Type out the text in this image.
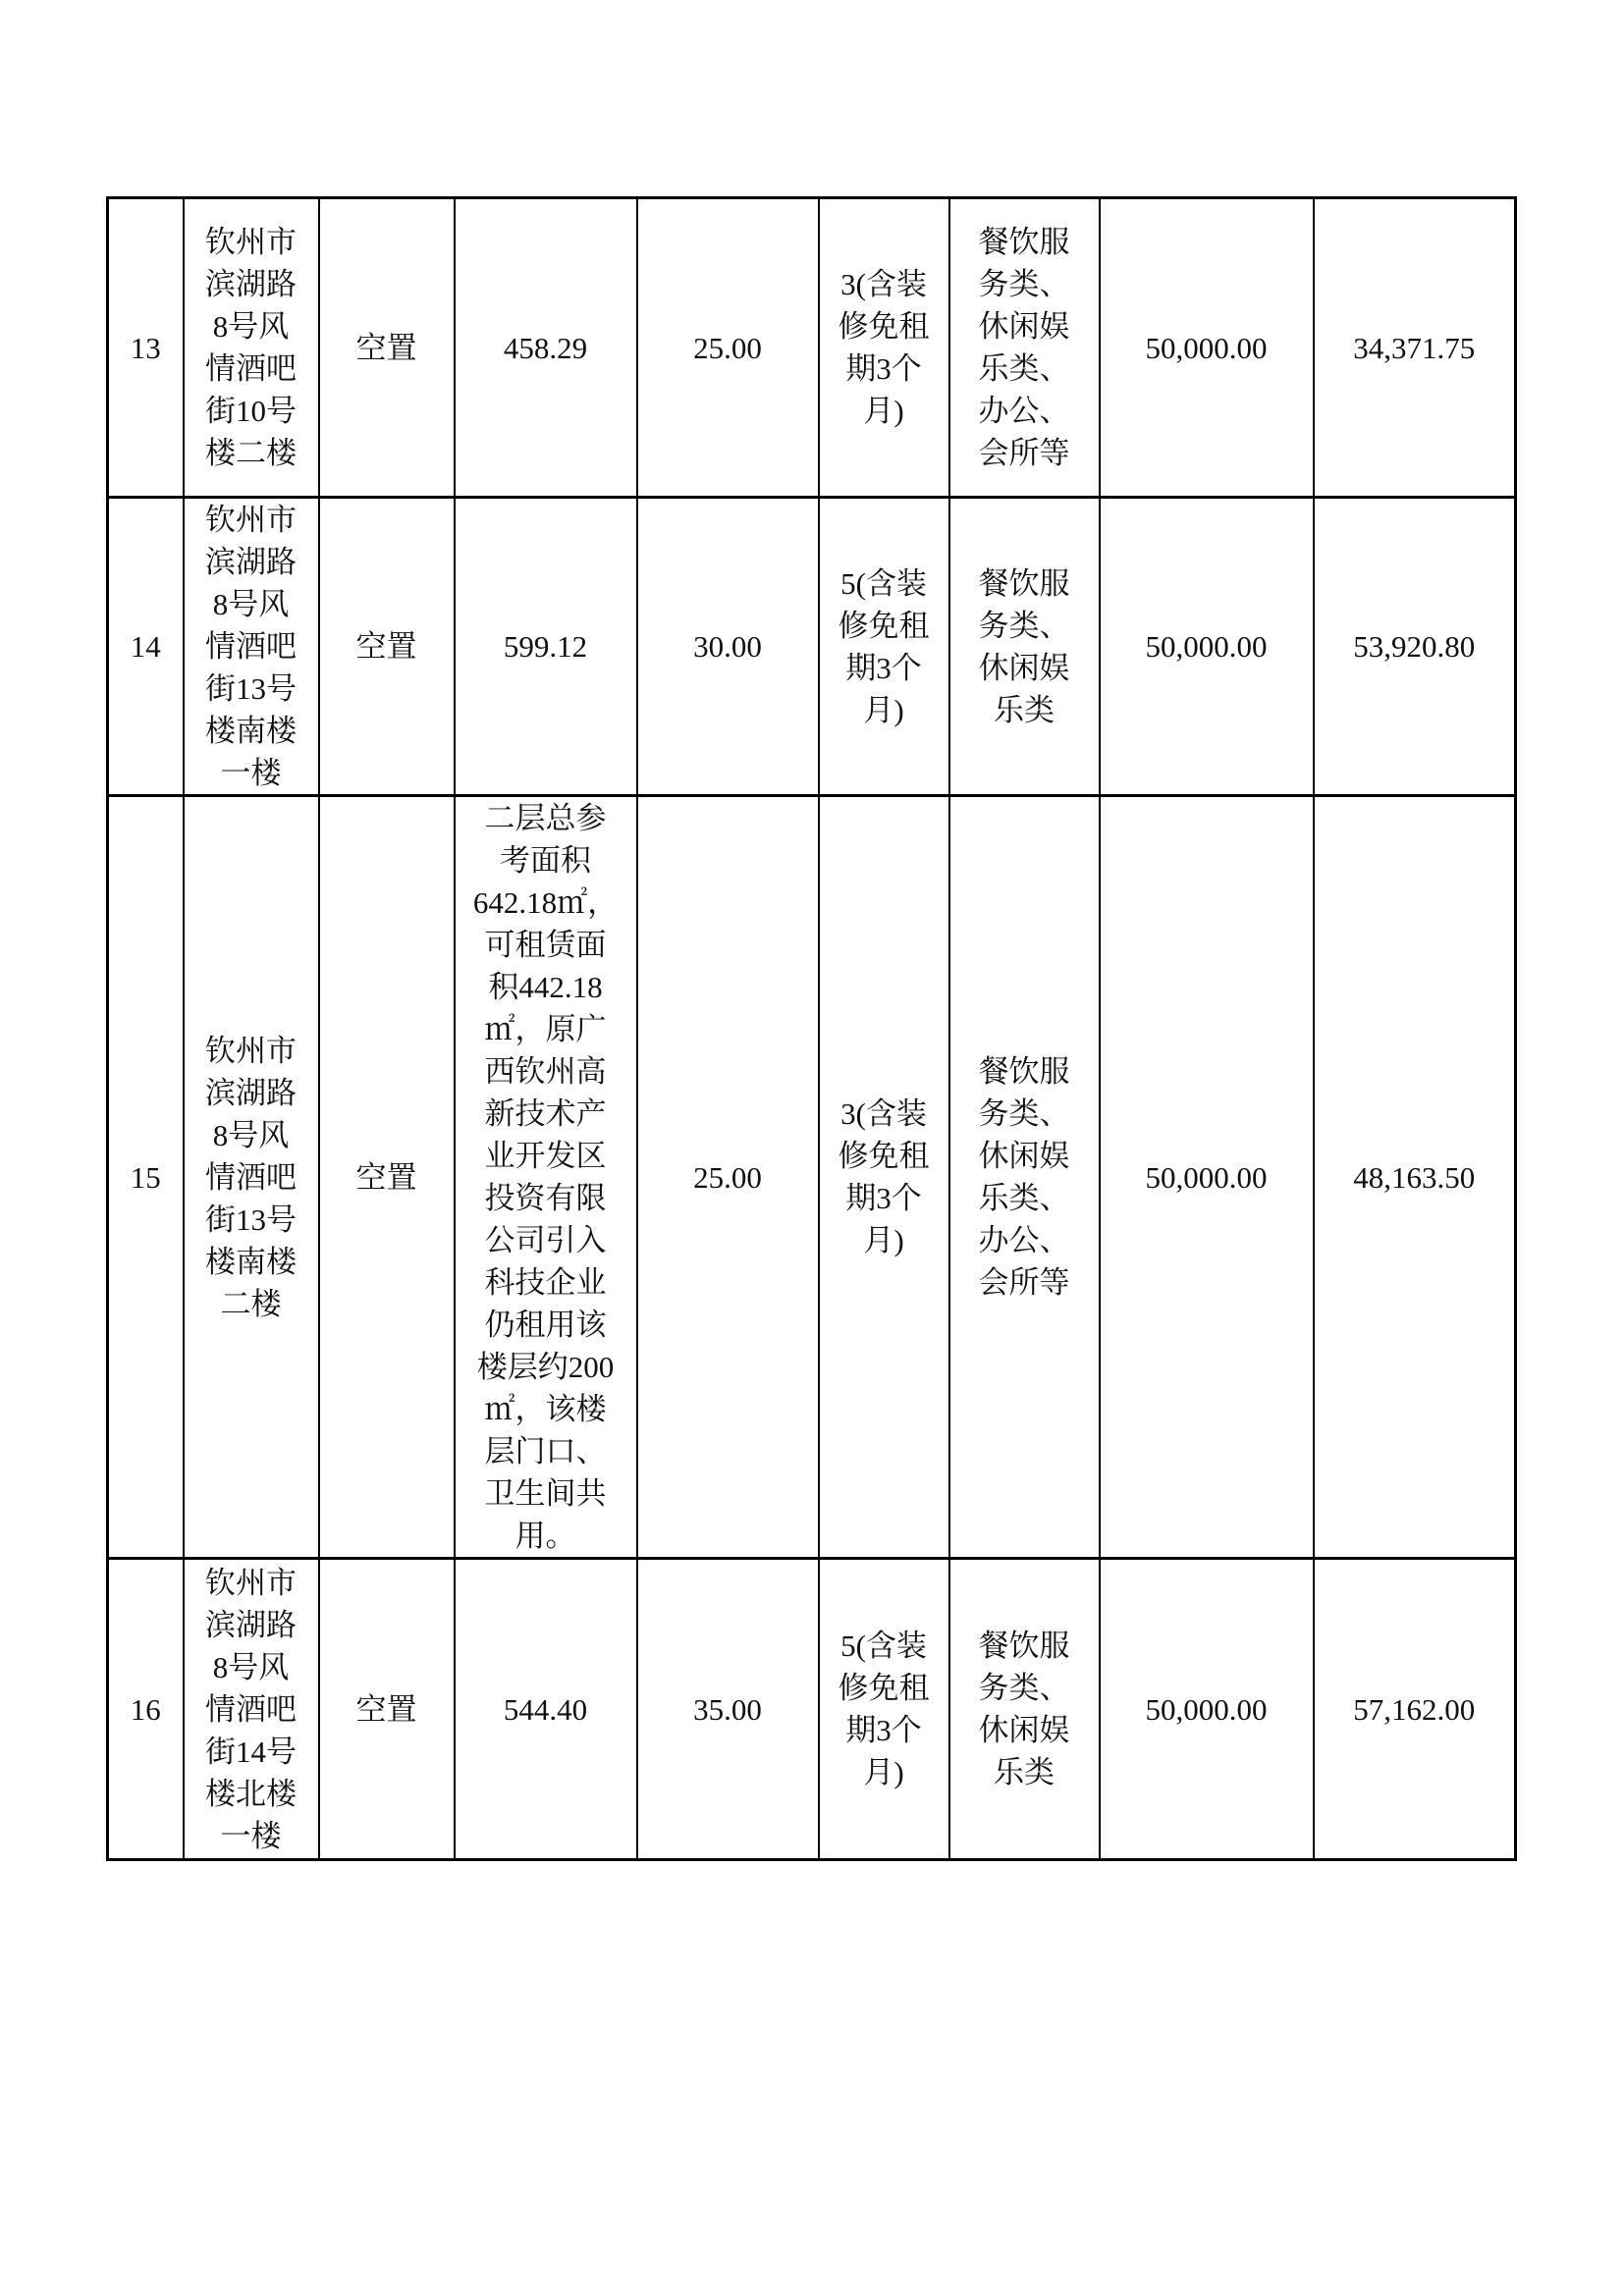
13	钦州市滨湖路8号风情酒吧街10号楼二楼	空置	458.29	25.00	3(含装修免租期3个月)	餐饮服务类、休闲娱乐类、办公、会所等	50,000.00	34,371.75

14	钦州市滨湖路8号风情酒吧街13号楼南楼一楼	空置	599.12	30.00	5(含装修免租期3个月)	餐饮服务类、休闲娱乐类	50,000.00	53,920.80

15	钦州市滨湖路8号风情酒吧街13号楼南楼二楼	空置	二层总参考面积642.18㎡，可租赁面积442.18㎡，原广西钦州高新技术产业开发区投资有限公司引入科技企业仍租用该楼层约200㎡，该楼层门口、卫生间共用。	25.00	3(含装修免租期3个月)	餐饮服务类、休闲娱乐类、办公、会所等	50,000.00	48,163.50

16	钦州市滨湖路8号风情酒吧街14号楼北楼一楼	空置	544.40	35.00	5(含装修免租期3个月)	餐饮服务类、休闲娱乐类	50,000.00	57,162.00
